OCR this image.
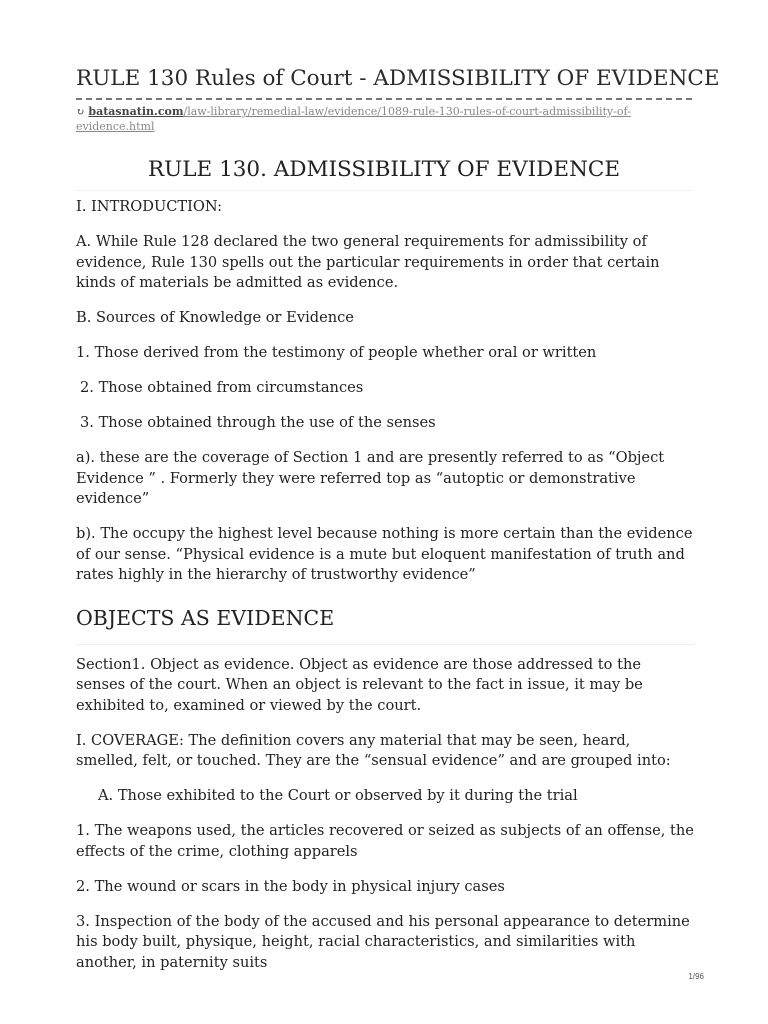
RULE 130 Rules of Court - ADMISSIBILITY OF EVIDENCE
↻ batasnatin.com/law-library/remedial-law/evidence/1089-rule-130-rules-of-court-admissibility-of-evidence.html
RULE 130. ADMISSIBILITY OF EVIDENCE

I. INTRODUCTION:

A. While Rule 128 declared the two general requirements for admissibility of evidence, Rule 130 spells out the particular requirements in order that certain kinds of materials be admitted as evidence.

B. Sources of Knowledge or Evidence

1. Those derived from the testimony of people whether oral or written

2. Those obtained from circumstances

3. Those obtained through the use of the senses

a). these are the coverage of Section 1 and are presently referred to as “Object Evidence ” . Formerly they were referred top as “autoptic or demonstrative evidence”

b). The occupy the highest level because nothing is more certain than the evidence of our sense. “Physical evidence is a mute but eloquent manifestation of truth and rates highly in the hierarchy of trustworthy evidence”

OBJECTS AS EVIDENCE

Section1. Object as evidence. Object as evidence are those addressed to the senses of the court. When an object is relevant to the fact in issue, it may be exhibited to, examined or viewed by the court.

I. COVERAGE: The definition covers any material that may be seen, heard, smelled, felt, or touched. They are the “sensual evidence” and are grouped into:

A. Those exhibited to the Court or observed by it during the trial

1. The weapons used, the articles recovered or seized as subjects of an offense, the effects of the crime, clothing apparels

2. The wound or scars in the body in physical injury cases

3. Inspection of the body of the accused and his personal appearance to determine his body built, physique, height, racial characteristics, and similarities with another, in paternity suits

1/96
